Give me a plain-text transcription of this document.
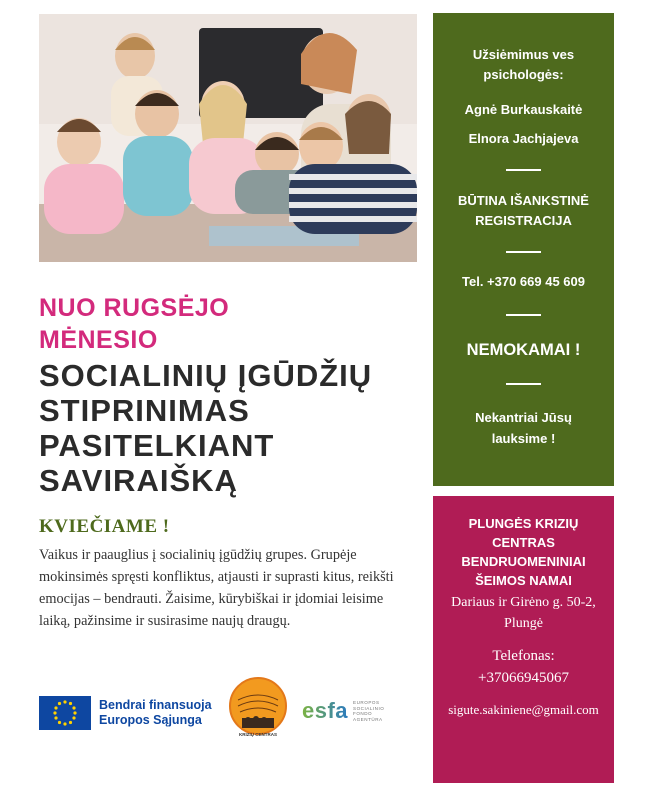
NUO RUGSĖJO
MĖNESIO
SOCIALINIŲ ĮGŪDŽIŲ
STIPRINIMAS
PASITELKIANT
SAVIRAIŠKĄ
KVIEČIAME !

Vaikus ir paauglius į socialinių įgūdžių grupes. Grupėje mokinsimės spręsti konfliktus, atjausti ir suprasti kitus, reikšti emocijas – bendrauti. Žaisime, kūrybiškai ir įdomiai leisime laiką, pažinsime ir susirasime naujų draugų.

Užsiėmimus ves
psichologės:
Agnė Burkauskaitė
Elnora Jachjajeva
BŪTINA IŠANKSTINĖ
REGISTRACIJA
Tel. +370 669 45 609
NEMOKAMAI !
Nekantriai Jūsų
lauksime !
PLUNGĖS KRIZIŲ
CENTRAS
BENDRUOMENINIAI
ŠEIMOS NAMAI
Dariaus ir Girėno g. 50-2,
Plungė
Telefonas:
+37066945067
sigute.sakiniene@gmail.com
Bendrai finansuoja
Europos Sąjunga
KRIZIŲ CENTRAS
esfa EUROPOS
SOCIALINIO
FONDO
AGENTŪRA
